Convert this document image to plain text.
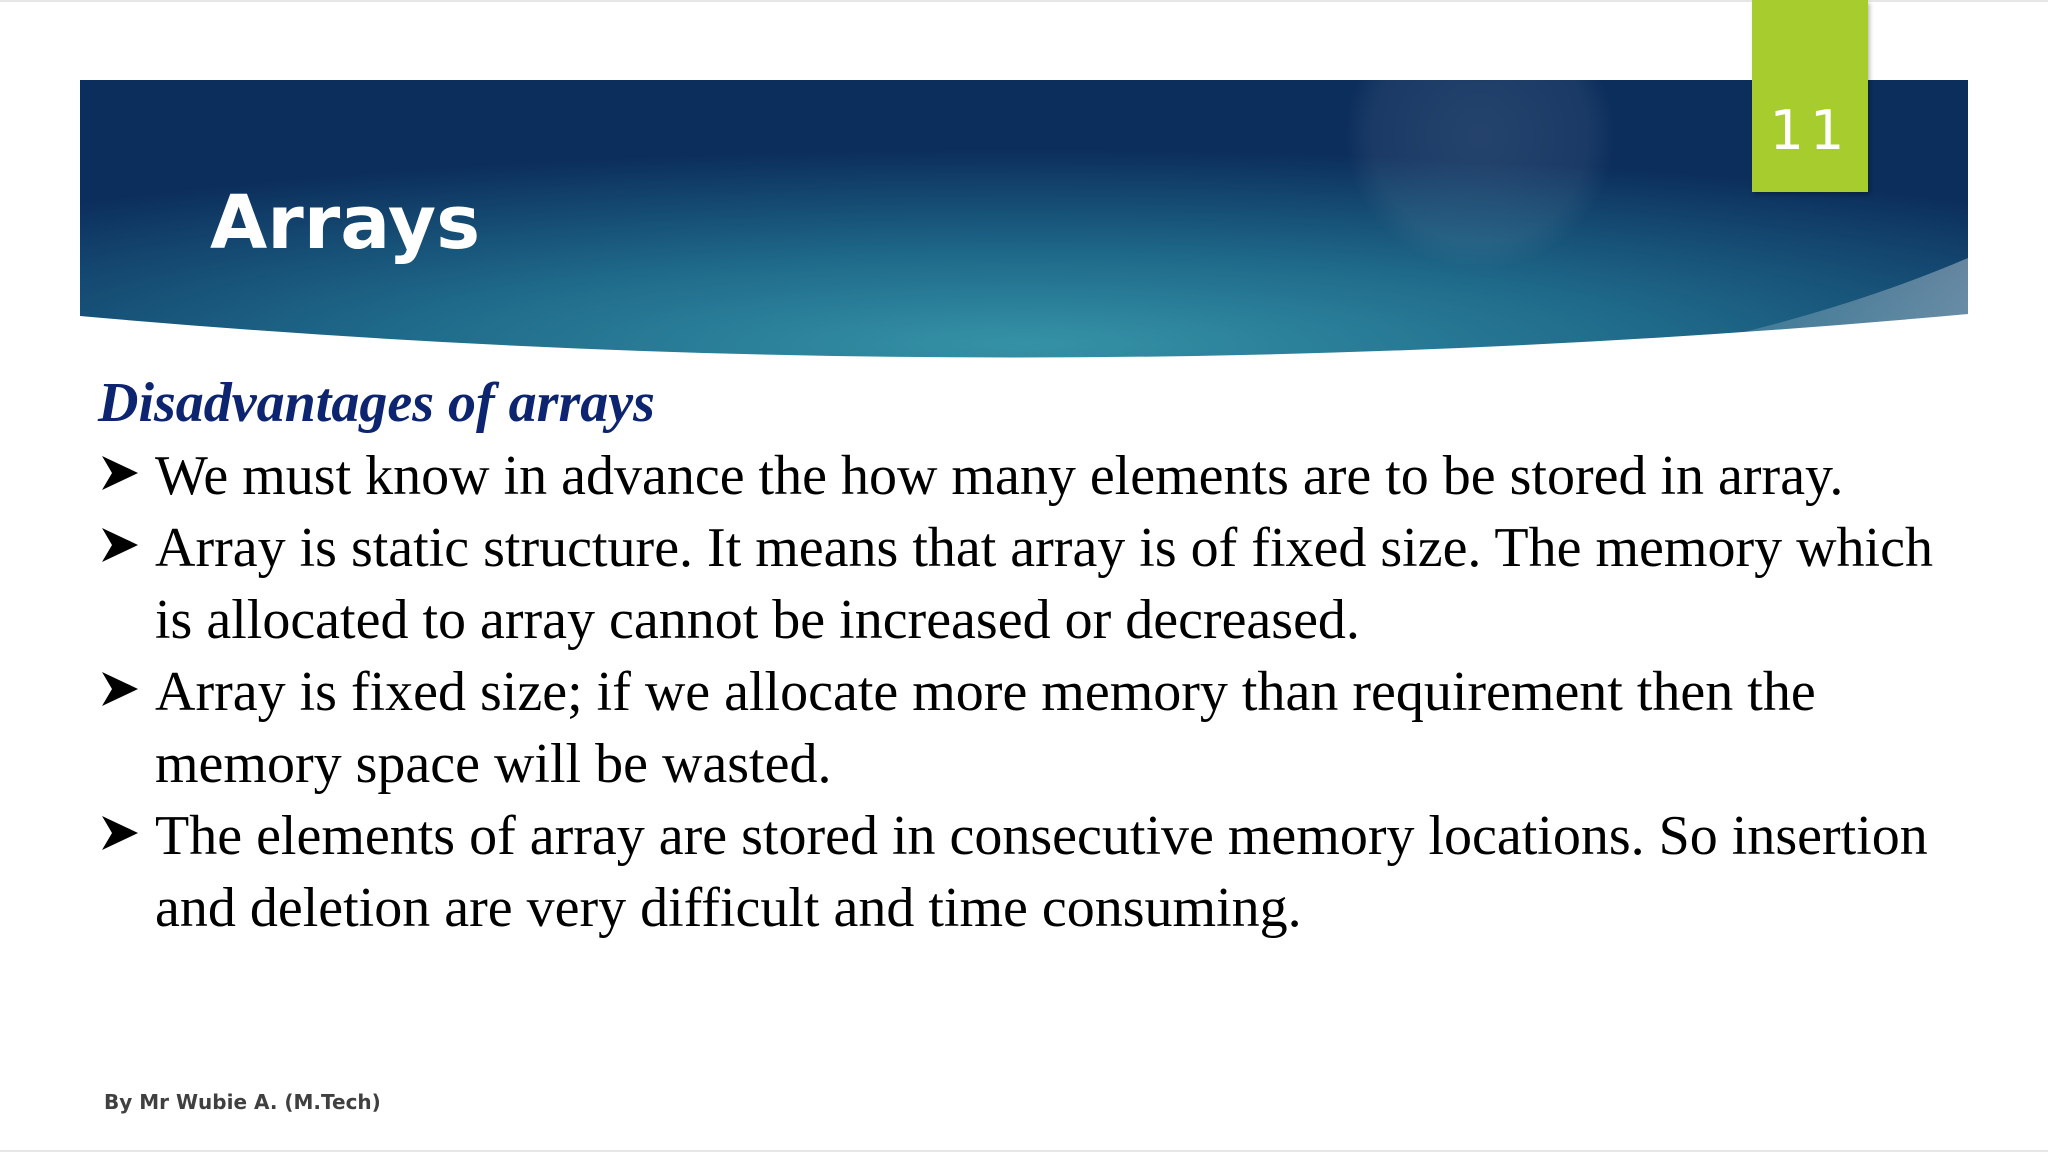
Arrays
11
Disadvantages of arrays
We must know in advance the how many elements are to be stored in array.
Array is static structure. It means that array is of fixed size. The memory which is allocated to array cannot be increased or decreased.
Array is fixed size; if we allocate more memory than requirement then the memory space will be wasted.
The elements of array are stored in consecutive memory locations. So insertion and deletion are very difficult and time consuming.
By Mr Wubie A. (M.Tech)
